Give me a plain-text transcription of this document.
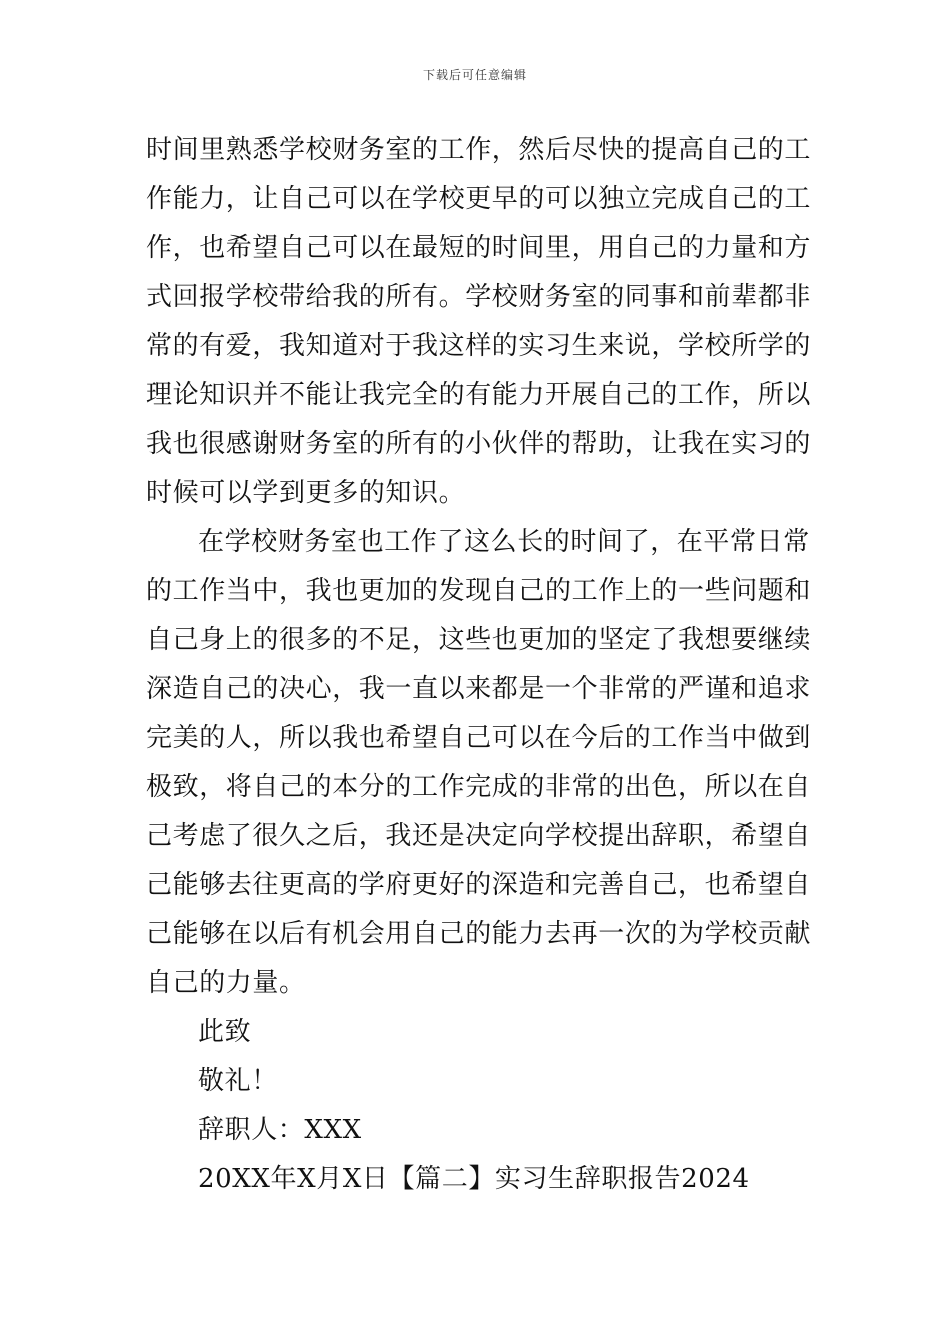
下载后可任意编辑
时间里熟悉学校财务室的工作，然后尽快的提高自己的工
作能力，让自己可以在学校更早的可以独立完成自己的工
作，也希望自己可以在最短的时间里，用自己的力量和方
式回报学校带给我的所有。学校财务室的同事和前辈都非
常的有爱，我知道对于我这样的实习生来说，学校所学的
理论知识并不能让我完全的有能力开展自己的工作，所以
我也很感谢财务室的所有的小伙伴的帮助，让我在实习的
时候可以学到更多的知识。
在学校财务室也工作了这么长的时间了，在平常日常
的工作当中，我也更加的发现自己的工作上的一些问题和
自己身上的很多的不足，这些也更加的坚定了我想要继续
深造自己的决心，我一直以来都是一个非常的严谨和追求
完美的人，所以我也希望自己可以在今后的工作当中做到
极致，将自己的本分的工作完成的非常的出色，所以在自
己考虑了很久之后，我还是决定向学校提出辞职，希望自
己能够去往更高的学府更好的深造和完善自己，也希望自
己能够在以后有机会用自己的能力去再一次的为学校贡献
自己的力量。
此致
敬礼！
辞职人：XXX
20XX年X月X日【篇二】实习生辞职报告2024
